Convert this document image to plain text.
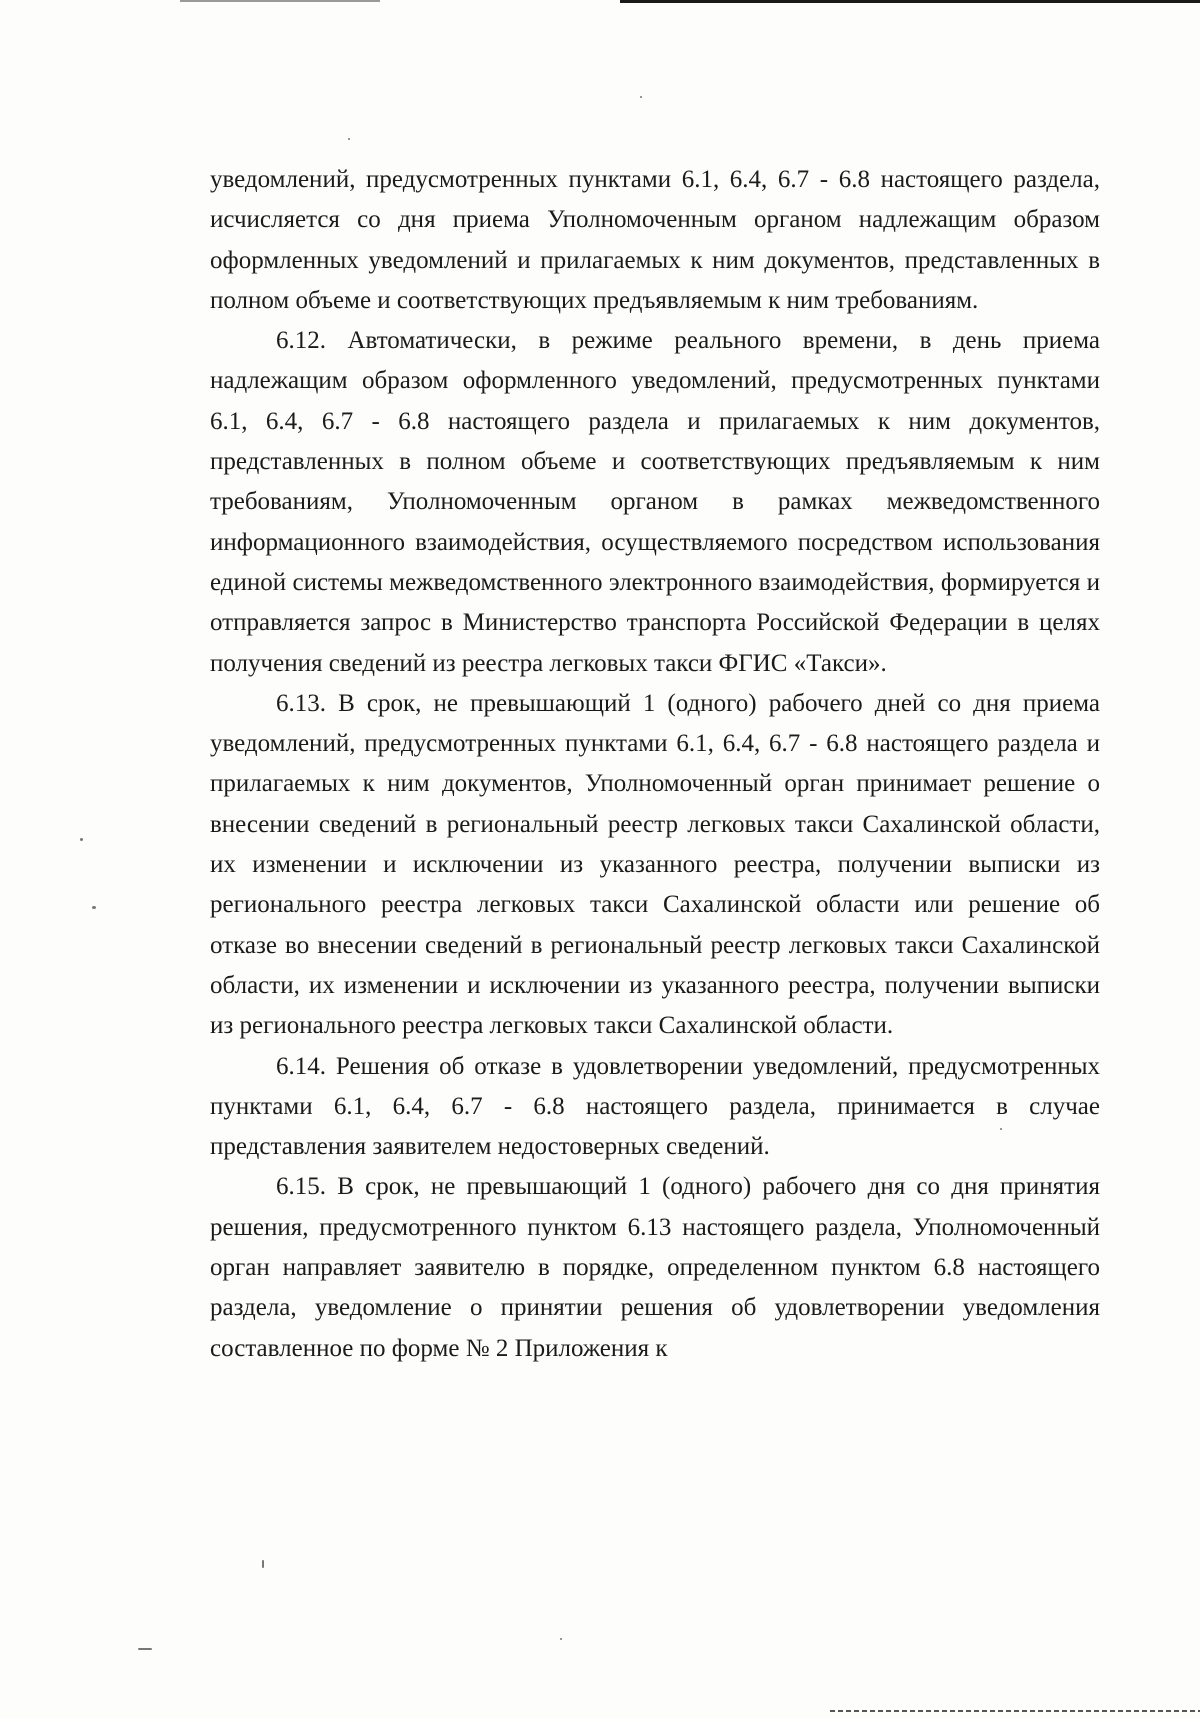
уведомлений, предусмотренных пунктами 6.1, 6.4, 6.7 - 6.8 настоящего раздела, исчисляется со дня приема Уполномоченным органом надлежащим образом оформленных уведомлений и прилагаемых к ним документов, представленных в полном объеме и соответствующих предъявляемым к ним требованиям.

6.12. Автоматически, в режиме реального времени, в день приема надлежащим образом оформленного уведомлений, предусмотренных пунктами 6.1, 6.4, 6.7 - 6.8 настоящего раздела и прилагаемых к ним документов, представленных в полном объеме и соответствующих предъявляемым к ним требованиям, Уполномоченным органом в рамках межведомственного информационного взаимодействия, осуществляемого посредством использования единой системы межведомственного электронного взаимодействия, формируется и отправляется запрос в Министерство транспорта Российской Федерации в целях получения сведений из реестра легковых такси ФГИС «Такси».

6.13. В срок, не превышающий 1 (одного) рабочего дней со дня приема уведомлений, предусмотренных пунктами 6.1, 6.4, 6.7 - 6.8 настоящего раздела и прилагаемых к ним документов, Уполномоченный орган принимает решение о внесении сведений в региональный реестр легковых такси Сахалинской области, их изменении и исключении из указанного реестра, получении выписки из регионального реестра легковых такси Сахалинской области или решение об отказе во внесении сведений в региональный реестр легковых такси Сахалинской области, их изменении и исключении из указанного реестра, получении выписки из регионального реестра легковых такси Сахалинской области.

6.14. Решения об отказе в удовлетворении уведомлений, предусмотренных пунктами 6.1, 6.4, 6.7 - 6.8 настоящего раздела, принимается в случае представления заявителем недостоверных сведений.

6.15. В срок, не превышающий 1 (одного) рабочего дня со дня принятия решения, предусмотренного пунктом 6.13 настоящего раздела, Уполномоченный орган направляет заявителю в порядке, определенном пунктом 6.8 настоящего раздела, уведомление о принятии решения об удовлетворении уведомления составленное по форме № 2 Приложения к
